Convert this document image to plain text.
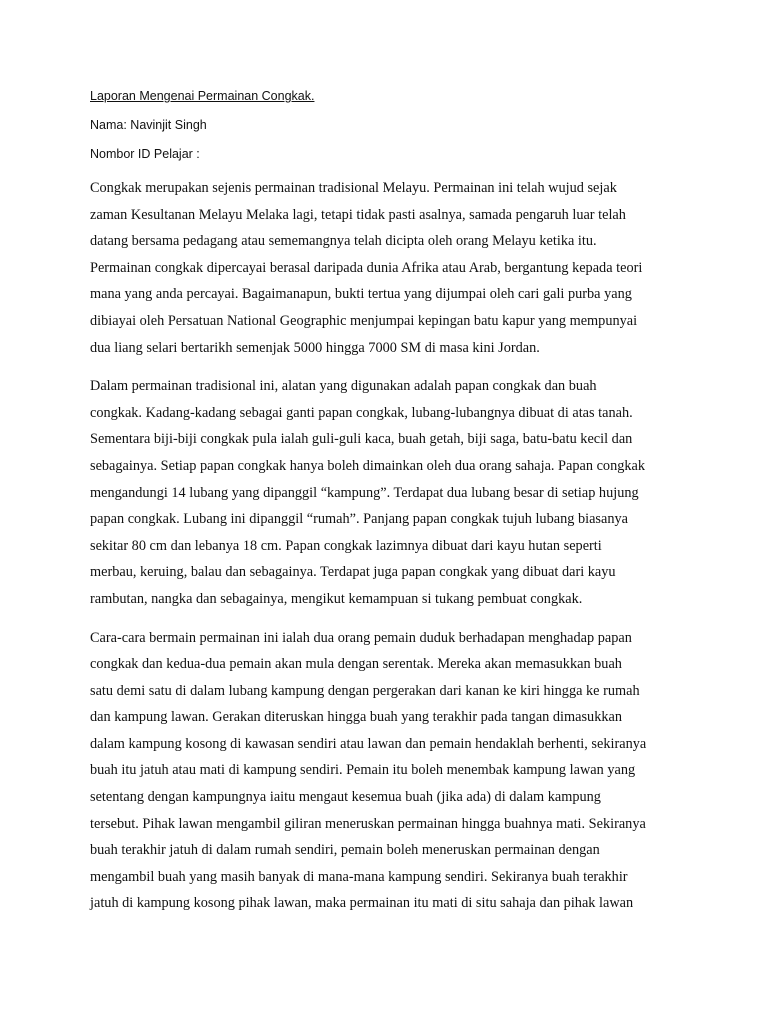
Laporan Mengenai Permainan Congkak.
Nama: Navinjit Singh
Nombor ID Pelajar :
Congkak merupakan sejenis permainan tradisional Melayu. Permainan ini telah wujud sejak
zaman Kesultanan Melayu Melaka lagi, tetapi tidak pasti asalnya, samada pengaruh luar telah
datang bersama pedagang atau sememangnya telah dicipta oleh orang Melayu ketika itu.
Permainan congkak dipercayai berasal daripada dunia Afrika atau Arab, bergantung kepada teori
mana yang anda percayai. Bagaimanapun, bukti tertua yang dijumpai oleh cari gali purba yang
dibiayai oleh Persatuan National Geographic menjumpai kepingan batu kapur yang mempunyai
dua liang selari bertarikh semenjak 5000 hingga 7000 SM di masa kini Jordan.
Dalam permainan tradisional ini, alatan yang digunakan adalah papan congkak dan buah
congkak. Kadang-kadang sebagai ganti papan congkak, lubang-lubangnya dibuat di atas tanah.
Sementara biji-biji congkak pula ialah guli-guli kaca, buah getah, biji saga, batu-batu kecil dan
sebagainya. Setiap papan congkak hanya boleh dimainkan oleh dua orang sahaja. Papan congkak
mengandungi 14 lubang yang dipanggil “kampung”. Terdapat dua lubang besar di setiap hujung
papan congkak. Lubang ini dipanggil “rumah”. Panjang papan congkak tujuh lubang biasanya
sekitar 80 cm dan lebanya 18 cm. Papan congkak lazimnya dibuat dari kayu hutan seperti
merbau, keruing, balau dan sebagainya. Terdapat juga papan congkak yang dibuat dari kayu
rambutan, nangka dan sebagainya, mengikut kemampuan si tukang pembuat congkak.
Cara-cara bermain permainan ini ialah dua orang pemain duduk berhadapan menghadap papan
congkak dan kedua-dua pemain akan mula dengan serentak. Mereka akan memasukkan buah
satu demi satu di dalam lubang kampung dengan pergerakan dari kanan ke kiri hingga ke rumah
dan kampung lawan. Gerakan diteruskan hingga buah yang terakhir pada tangan dimasukkan
dalam kampung kosong di kawasan sendiri atau lawan dan pemain hendaklah berhenti, sekiranya
buah itu jatuh atau mati di kampung sendiri. Pemain itu boleh menembak kampung lawan yang
setentang dengan kampungnya iaitu mengaut kesemua buah (jika ada) di dalam kampung
tersebut. Pihak lawan mengambil giliran meneruskan permainan hingga buahnya mati. Sekiranya
buah terakhir jatuh di dalam rumah sendiri, pemain boleh meneruskan permainan dengan
mengambil buah yang masih banyak di mana-mana kampung sendiri. Sekiranya buah terakhir
jatuh di kampung kosong pihak lawan, maka permainan itu mati di situ sahaja dan pihak lawan
